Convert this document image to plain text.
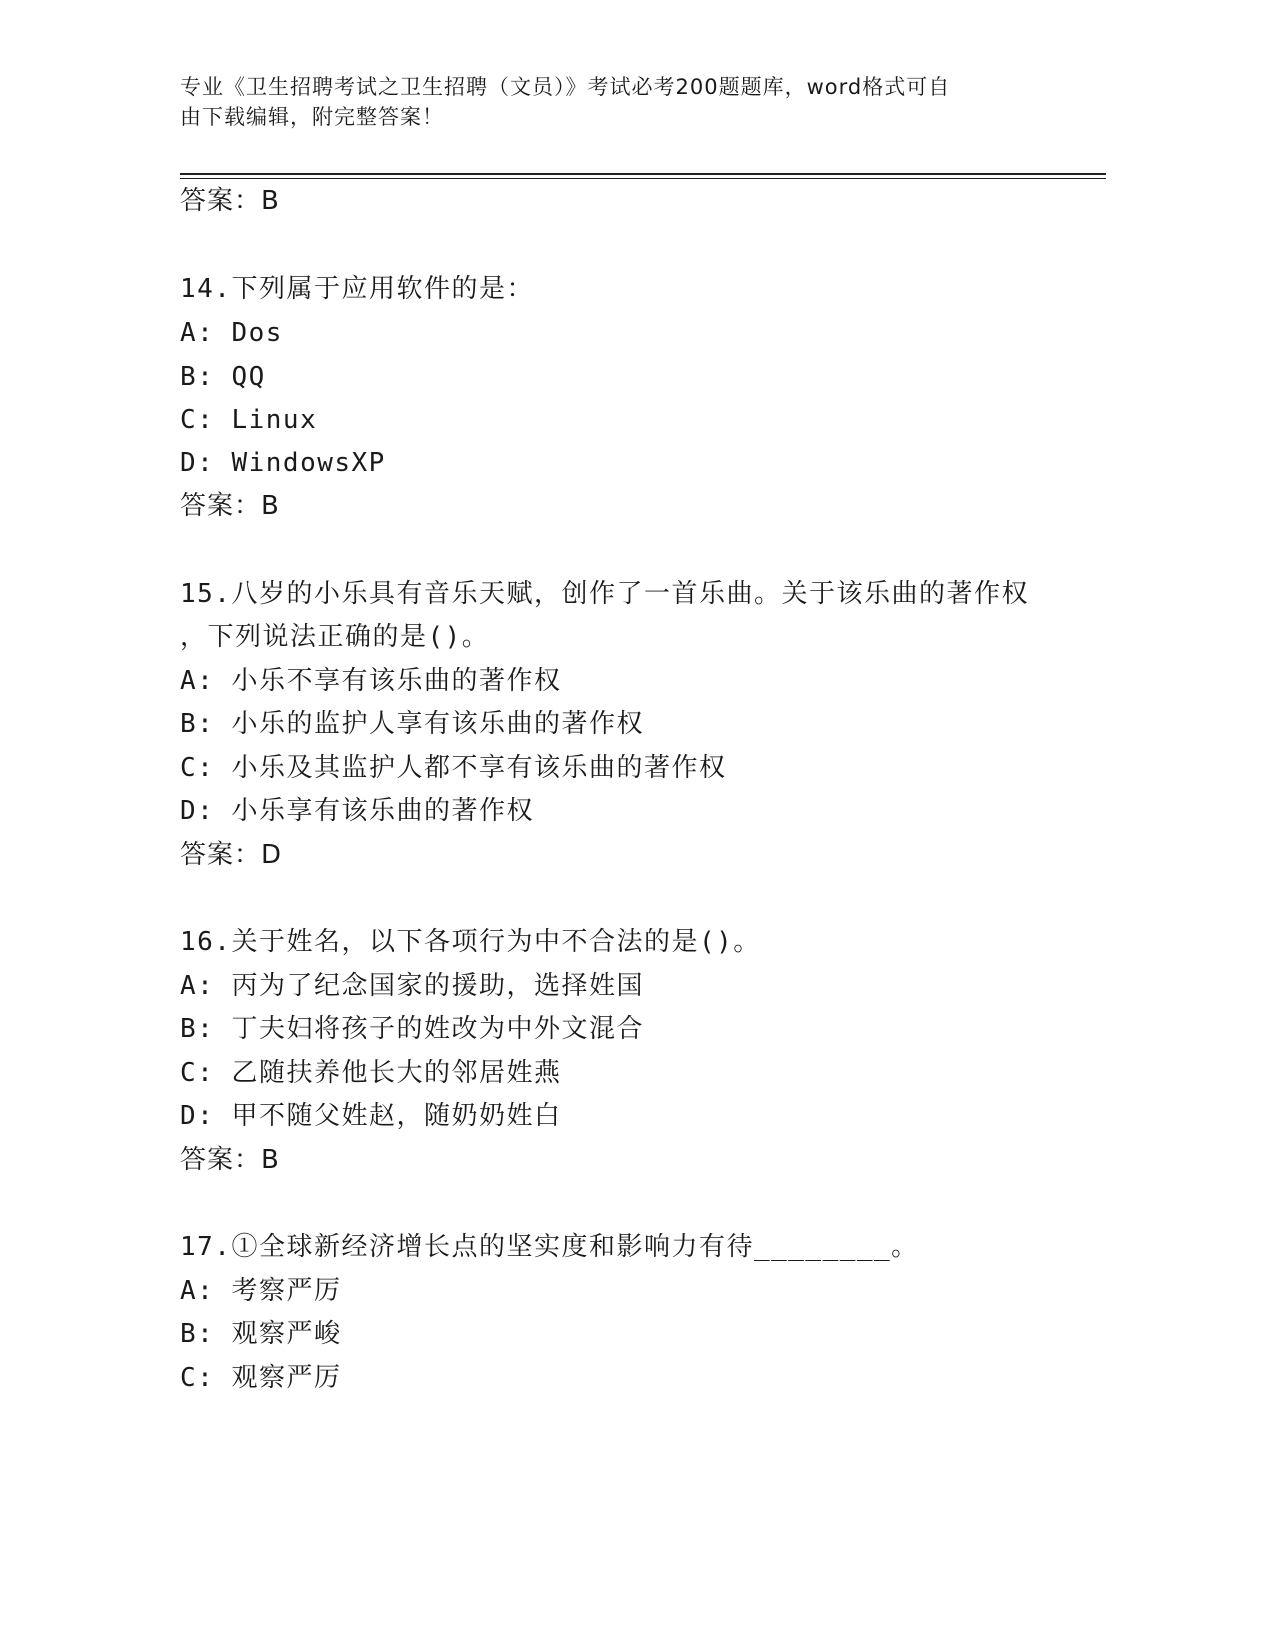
专业《卫生招聘考试之卫生招聘（文员）》考试必考200题题库，word格式可自
由下载编辑，附完整答案！
答案：B
14.下列属于应用软件的是：
A: Dos
B: QQ
C: Linux
D: WindowsXP
答案：B
15.八岁的小乐具有音乐天赋，创作了一首乐曲。关于该乐曲的著作权
，下列说法正确的是()。
A: 小乐不享有该乐曲的著作权
B: 小乐的监护人享有该乐曲的著作权
C: 小乐及其监护人都不享有该乐曲的著作权
D: 小乐享有该乐曲的著作权
答案：D
16.关于姓名，以下各项行为中不合法的是()。
A: 丙为了纪念国家的援助，选择姓国
B: 丁夫妇将孩子的姓改为中外文混合
C: 乙随扶养他长大的邻居姓燕
D: 甲不随父姓赵，随奶奶姓白
答案：B
17.①全球新经济增长点的坚实度和影响力有待________。
A: 考察严厉
B: 观察严峻
C: 观察严厉
